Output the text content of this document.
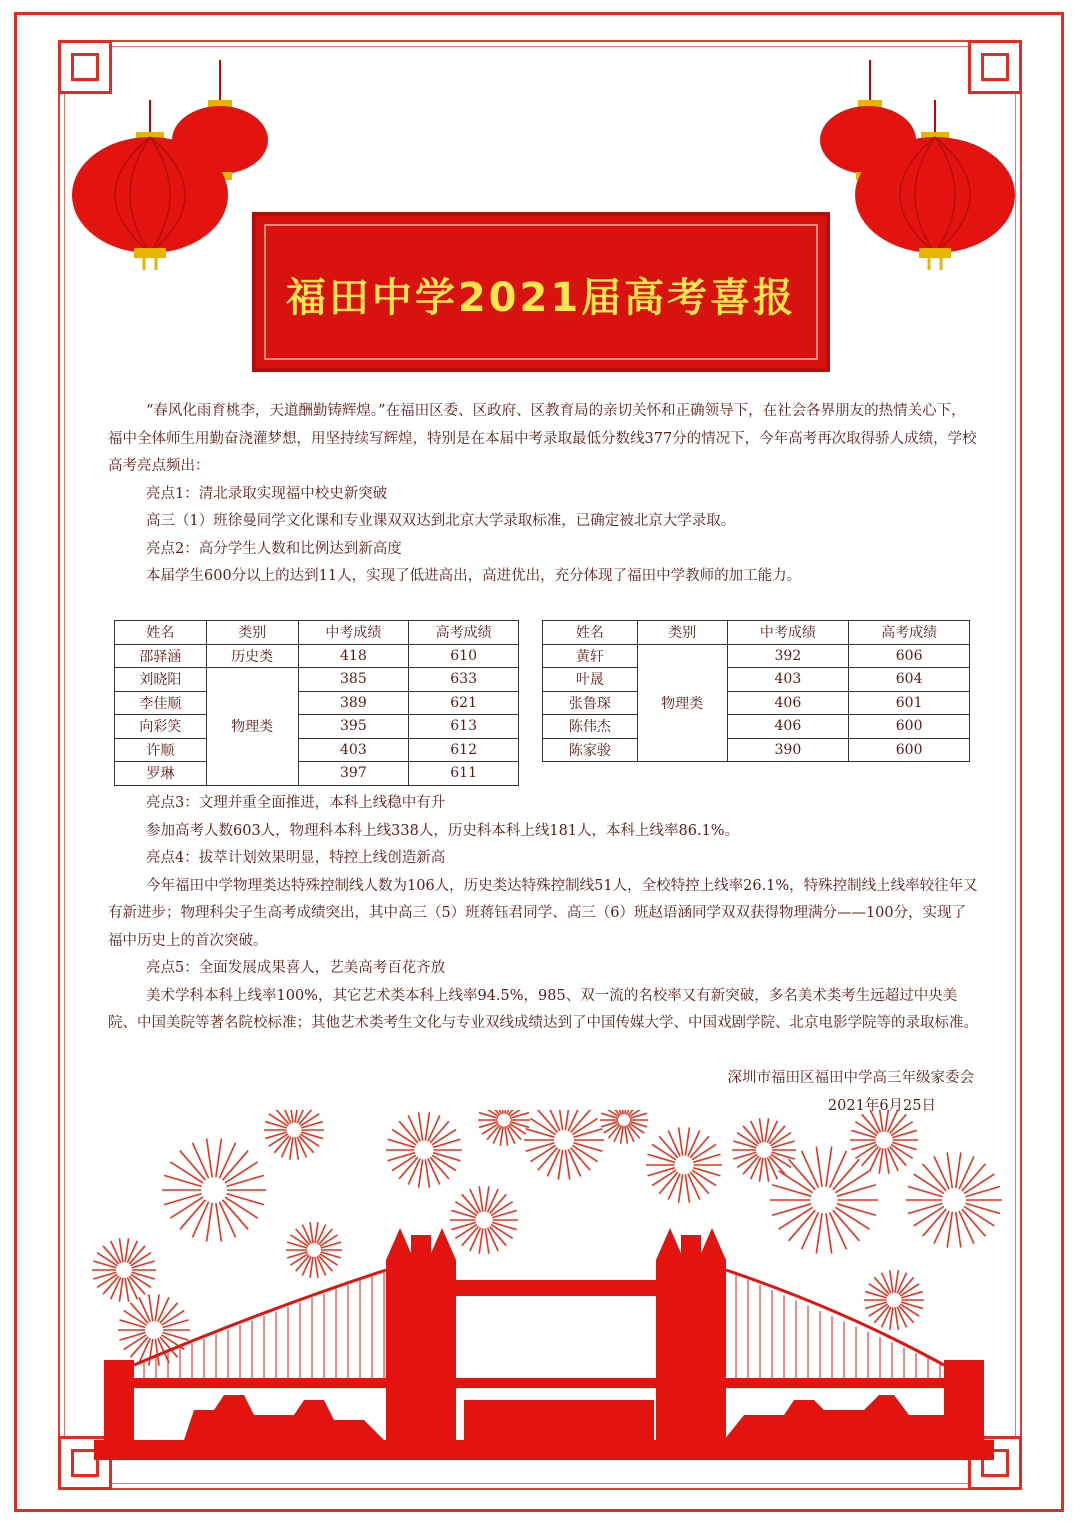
福田中学2021届高考喜报

“春风化雨育桃李，天道酬勤铸辉煌。”在福田区委、区政府、区教育局的亲切关怀和正确领导下，在社会各界朋友的热情关心下，福中全体师生用勤奋浇灌梦想，用坚持续写辉煌，特别是在本届中考录取最低分数线377分的情况下，今年高考再次取得骄人成绩，学校高考亮点频出：

亮点1：清北录取实现福中校史新突破

高三（1）班徐曼同学文化课和专业课双双达到北京大学录取标准，已确定被北京大学录取。

亮点2：高分学生人数和比例达到新高度

本届学生600分以上的达到11人，实现了低进高出，高进优出，充分体现了福田中学教师的加工能力。

姓名	类别	中考成绩	高考成绩
邵驿涵	历史类	418	610
刘晓阳	物理类	385	633
李佳顺		389	621
向彩笑		395	613
许顺		403	612
罗琳		397	611
姓名	类别	中考成绩	高考成绩
黄轩	物理类	392	606
叶晟		403	604
张鲁琛		406	601
陈伟杰		406	600
陈家骏		390	600

亮点3：文理并重全面推进，本科上线稳中有升

参加高考人数603人，物理科本科上线338人，历史科本科上线181人，本科上线率86.1%。

亮点4：拔萃计划效果明显，特控上线创造新高

今年福田中学物理类达特殊控制线人数为106人，历史类达特殊控制线51人，全校特控上线率26.1%，特殊控制线上线率较往年又有新进步；物理科尖子生高考成绩突出，其中高三（5）班蒋钰君同学、高三（6）班赵语涵同学双双获得物理满分——100分，实现了福中历史上的首次突破。

亮点5：全面发展成果喜人，艺美高考百花齐放

美术学科本科上线率100%，其它艺术类本科上线率94.5%，985、双一流的名校率又有新突破，多名美术类考生远超过中央美院、中国美院等著名院校标准；其他艺术类考生文化与专业双线成绩达到了中国传媒大学、中国戏剧学院、北京电影学院等的录取标准。

深圳市福田区福田中学高三年级家委会
2021年6月25日
